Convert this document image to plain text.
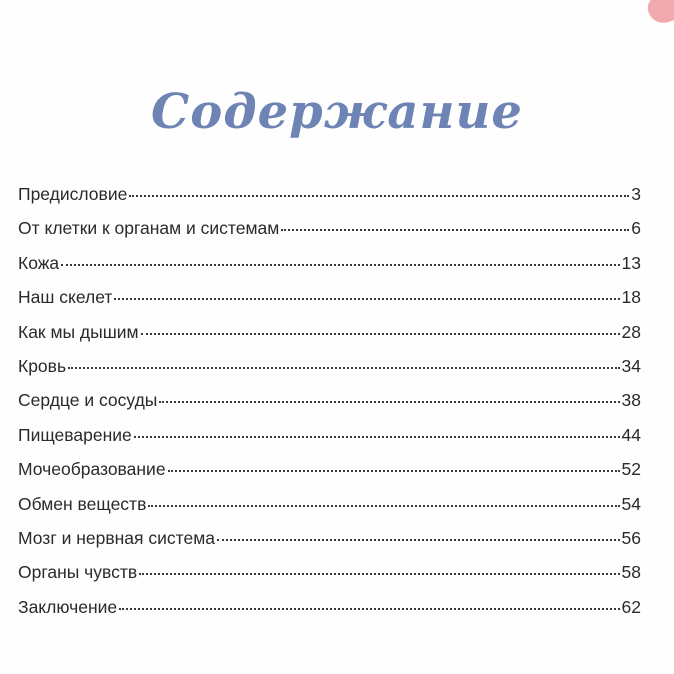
Содержание
Предисловие	3
От клетки к органам и системам	6
Кожа	13
Наш скелет	18
Как мы дышим	28
Кровь	34
Сердце и сосуды	38
Пищеварение	44
Мочеобразование	52
Обмен веществ	54
Мозг и нервная система	56
Органы чувств	58
Заключение	62
